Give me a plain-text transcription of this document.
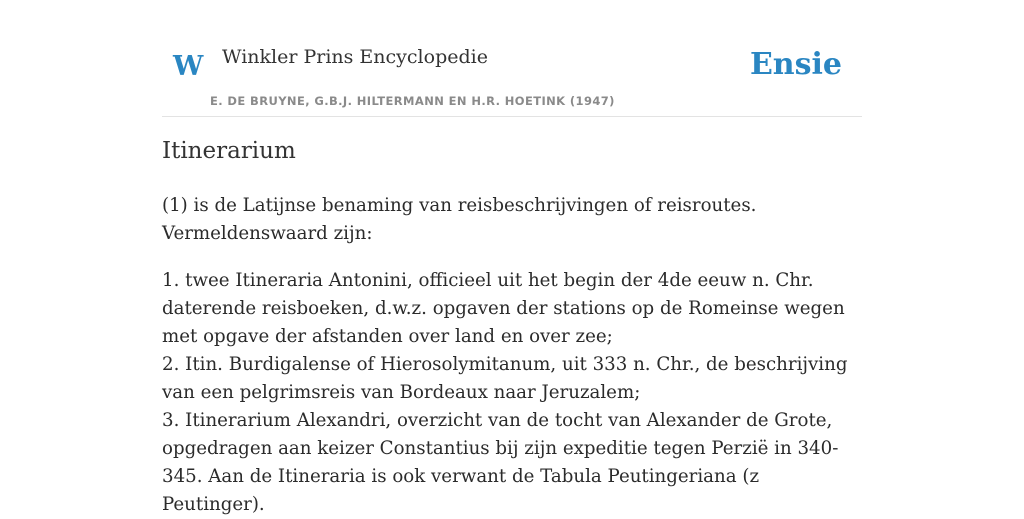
W Winkler Prins Encyclopedie
E. DE BRUYNE, G.B.J. HILTERMANN EN H.R. HOETINK (1947)
Ensie
Itinerarium

(1) is de Latijnse benaming van reisbeschrijvingen of reisroutes. Vermeldenswaard zijn:

1. twee Itineraria Antonini, officieel uit het begin der 4de eeuw n. Chr. daterende reisboeken, d.w.z. opgaven der stations op de Romeinse wegen met opgave der afstanden over land en over zee;
2. Itin. Burdigalense of Hierosolymitanum, uit 333 n. Chr., de beschrijving van een pelgrimsreis van Bordeaux naar Jeruzalem;
3. Itinerarium Alexandri, overzicht van de tocht van Alexander de Grote, opgedragen aan keizer Constantius bij zijn expeditie tegen Perzië in 340-345. Aan de Itineraria is ook verwant de Tabula Peutingeriana (z Peutinger).
